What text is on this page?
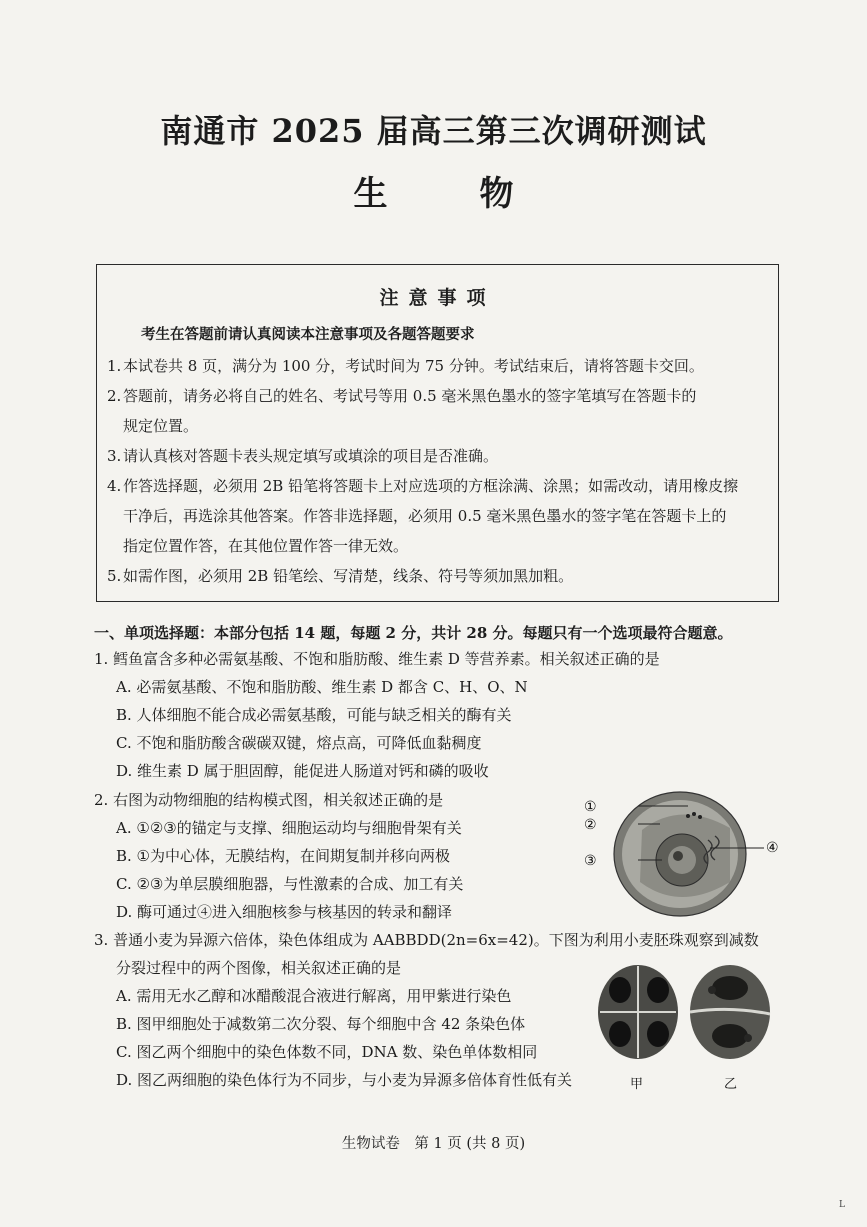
南通市 2025 届高三第三次调研测试
生	物
注意事项
考生在答题前请认真阅读本注意事项及各题答题要求
1. 本试卷共 8 页，满分为 100 分，考试时间为 75 分钟。考试结束后，请将答题卡交回。
2. 答题前，请务必将自己的姓名、考试号等用 0.5 毫米黑色墨水的签字笔填写在答题卡的
规定位置。
3. 请认真核对答题卡表头规定填写或填涂的项目是否准确。
4. 作答选择题，必须用 2B 铅笔将答题卡上对应选项的方框涂满、涂黑；如需改动，请用橡皮擦
干净后，再选涂其他答案。作答非选择题，必须用 0.5 毫米黑色墨水的签字笔在答题卡上的
指定位置作答，在其他位置作答一律无效。
5. 如需作图，必须用 2B 铅笔绘、写清楚，线条、符号等须加黑加粗。
一、单项选择题：本部分包括 14 题，每题 2 分，共计 28 分。每题只有一个选项最符合题意。
1. 鳕鱼富含多种必需氨基酸、不饱和脂肪酸、维生素 D 等营养素。相关叙述正确的是
A. 必需氨基酸、不饱和脂肪酸、维生素 D 都含 C、H、O、N
B. 人体细胞不能合成必需氨基酸，可能与缺乏相关的酶有关
C. 不饱和脂肪酸含碳碳双键，熔点高，可降低血黏稠度
D. 维生素 D 属于胆固醇，能促进人肠道对钙和磷的吸收
2. 右图为动物细胞的结构模式图，相关叙述正确的是
A. ①②③的锚定与支撑、细胞运动均与细胞骨架有关
B. ①为中心体，无膜结构，在间期复制并移向两极
C. ②③为单层膜细胞器，与性激素的合成、加工有关
D. 酶可通过④进入细胞核参与核基因的转录和翻译
①
②
③
④
3. 普通小麦为异源六倍体，染色体组成为 AABBDD(2n=6x=42)。下图为利用小麦胚珠观察到减数
分裂过程中的两个图像，相关叙述正确的是
A. 需用无水乙醇和冰醋酸混合液进行解离，用甲紫进行染色
B. 图甲细胞处于减数第二次分裂、每个细胞中含 42 条染色体
C. 图乙两个细胞中的染色体数不同，DNA 数、染色单体数相同
D. 图乙两细胞的染色体行为不同步，与小麦为异源多倍体育性低有关	甲	乙
生物试卷　第 1 页 (共 8 页)
L
